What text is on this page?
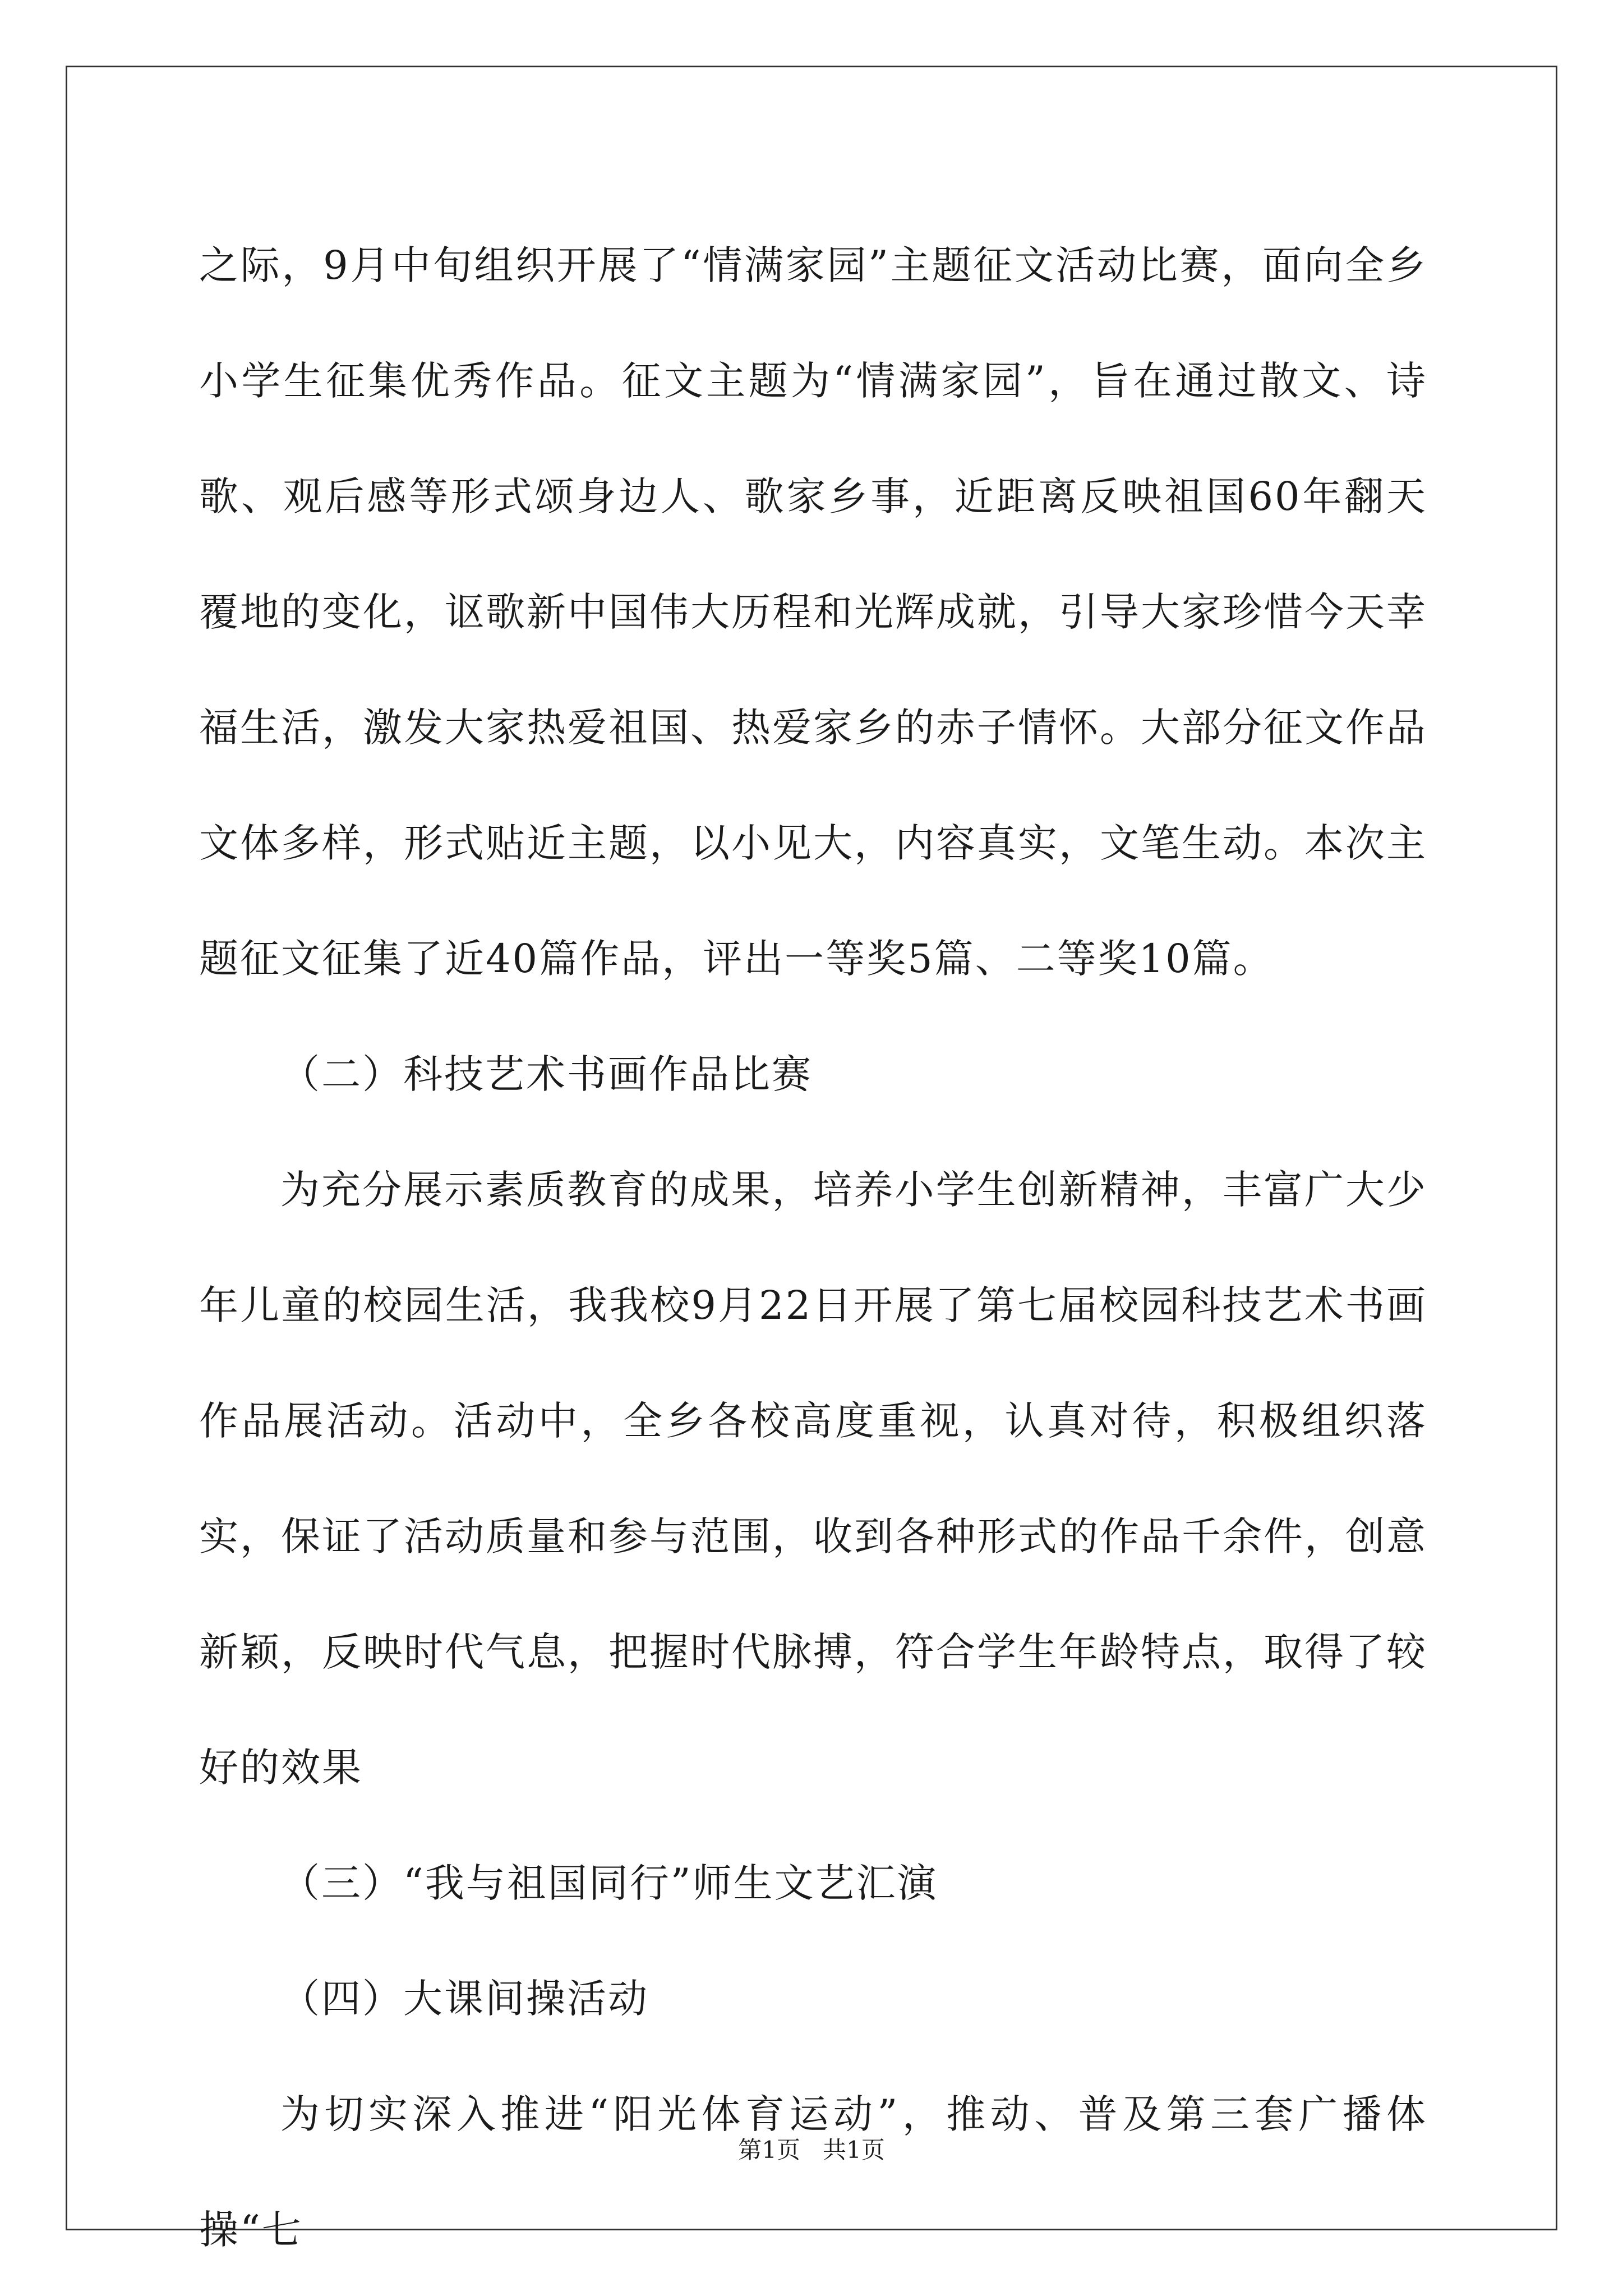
之际，9月中旬组织开展了“情满家园”主题征文活动比赛，面向全乡小学生征集优秀作品。征文主题为“情满家园”，旨在通过散文、诗歌、观后感等形式颂身边人、歌家乡事，近距离反映祖国60年翻天覆地的变化，讴歌新中国伟大历程和光辉成就，引导大家珍惜今天幸福生活，激发大家热爱祖国、热爱家乡的赤子情怀。大部分征文作品文体多样，形式贴近主题，以小见大，内容真实，文笔生动。本次主题征文征集了近40篇作品，评出一等奖5篇、二等奖10篇。

（二）科技艺术书画作品比赛

为充分展示素质教育的成果，培养小学生创新精神，丰富广大少年儿童的校园生活，我我校9月22日开展了第七届校园科技艺术书画作品展活动。活动中，全乡各校高度重视，认真对待，积极组织落实，保证了活动质量和参与范围，收到各种形式的作品千余件，创意新颖，反映时代气息，把握时代脉搏，符合学生年龄特点，取得了较好的效果

（三）“我与祖国同行”师生文艺汇演

（四）大课间操活动

为切实深入推进“阳光体育运动”，推动、普及第三套广播体操“七

第1页 共1页
